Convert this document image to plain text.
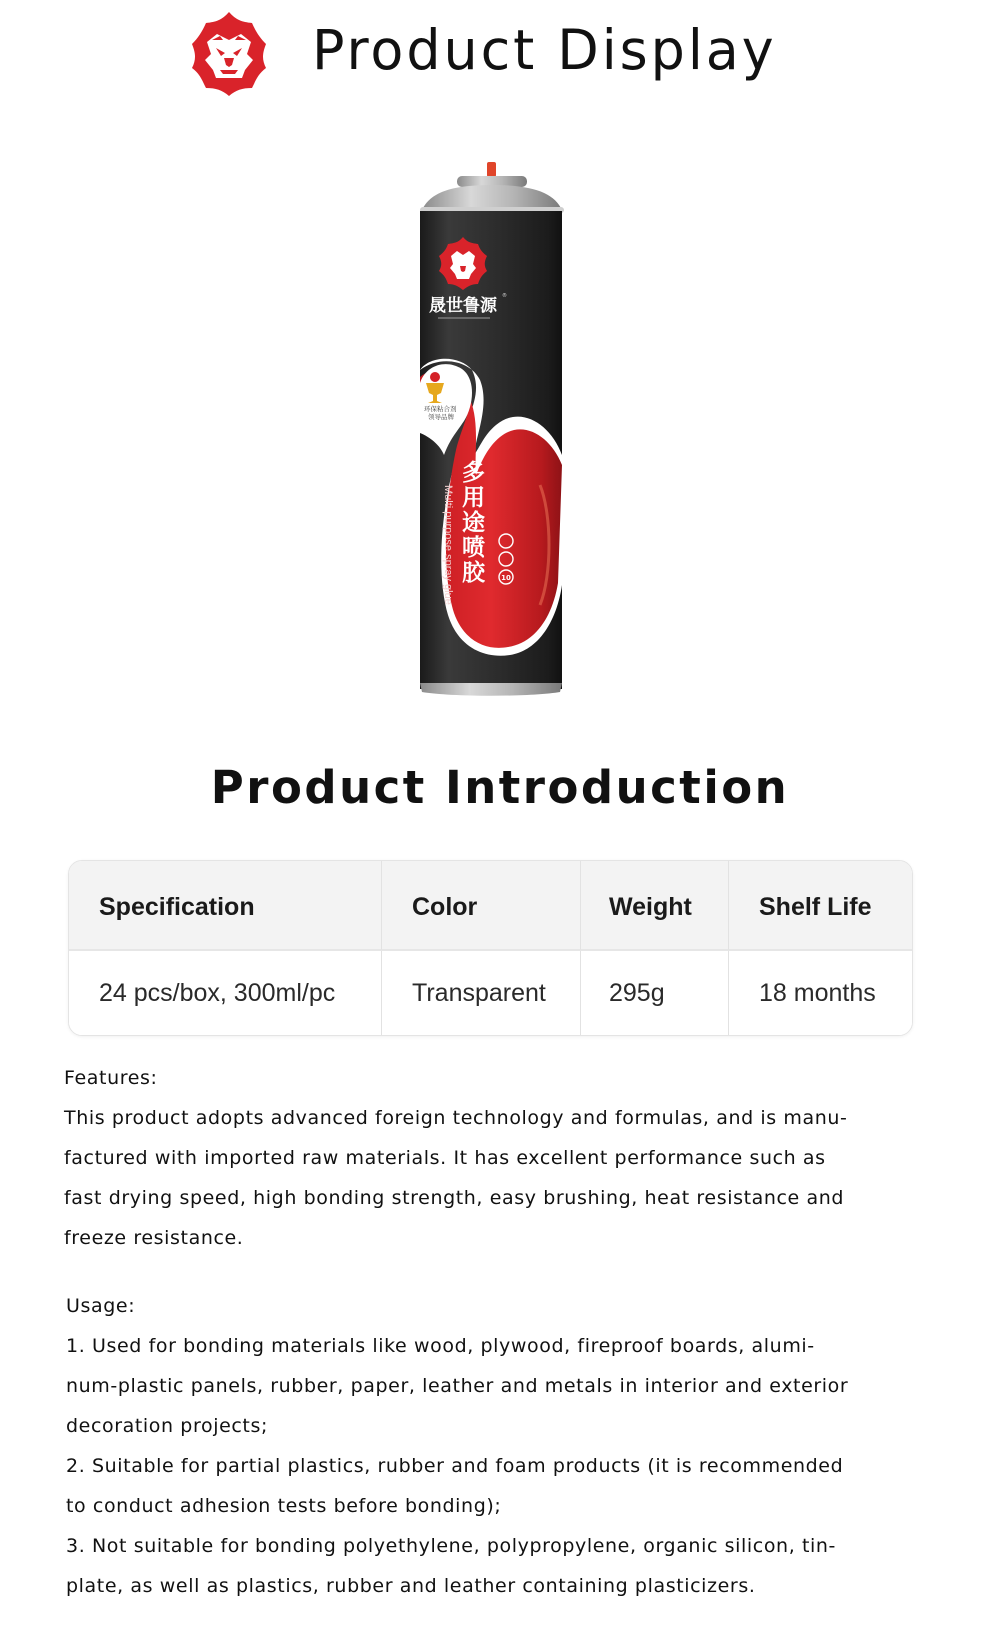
Product Display
环保粘合剂
领导品牌
晟世鲁源 ®
多
用
途
喷
胶
Multi purpose spray glue	10
Product Introduction
Specification	Color	Weight	Shelf Life
24 pcs/box, 300ml/pc	Transparent	295g	18 months

Features:

This product adopts advanced foreign technology and formulas, and is manu-

factured with imported raw materials. It has excellent performance such as

fast drying speed, high bonding strength, easy brushing, heat resistance and

freeze resistance.

Usage:

1. Used for bonding materials like wood, plywood, fireproof boards, alumi-

num-plastic panels, rubber, paper, leather and metals in interior and exterior

decoration projects;

2. Suitable for partial plastics, rubber and foam products (it is recommended

to conduct adhesion tests before bonding);

3. Not suitable for bonding polyethylene, polypropylene, organic silicon, tin-

plate, as well as plastics, rubber and leather containing plasticizers.
